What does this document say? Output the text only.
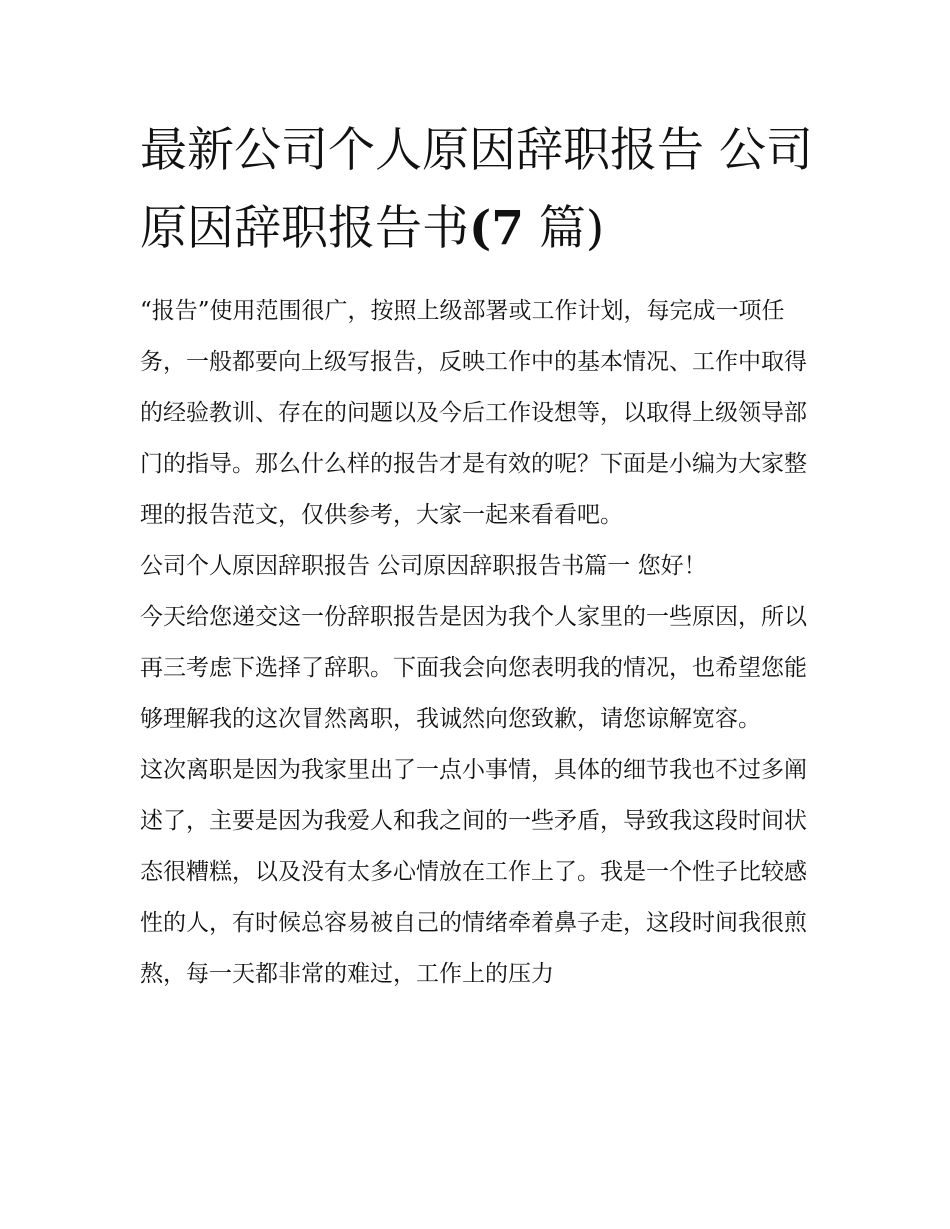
最新公司个人原因辞职报告 公司原因辞职报告书(7 篇)

“报告”使用范围很广，按照上级部署或工作计划，每完成一项任务，一般都要向上级写报告，反映工作中的基本情况、工作中取得的经验教训、存在的问题以及今后工作设想等，以取得上级领导部门的指导。那么什么样的报告才是有效的呢？下面是小编为大家整理的报告范文，仅供参考，大家一起来看看吧。

公司个人原因辞职报告 公司原因辞职报告书篇一 您好！

今天给您递交这一份辞职报告是因为我个人家里的一些原因，所以再三考虑下选择了辞职。下面我会向您表明我的情况，也希望您能够理解我的这次冒然离职，我诚然向您致歉，请您谅解宽容。

这次离职是因为我家里出了一点小事情，具体的细节我也不过多阐述了，主要是因为我爱人和我之间的一些矛盾，导致我这段时间状态很糟糕，以及没有太多心情放在工作上了。我是一个性子比较感性的人，有时候总容易被自己的情绪牵着鼻子走，这段时间我很煎熬，每一天都非常的难过，工作上的压力
